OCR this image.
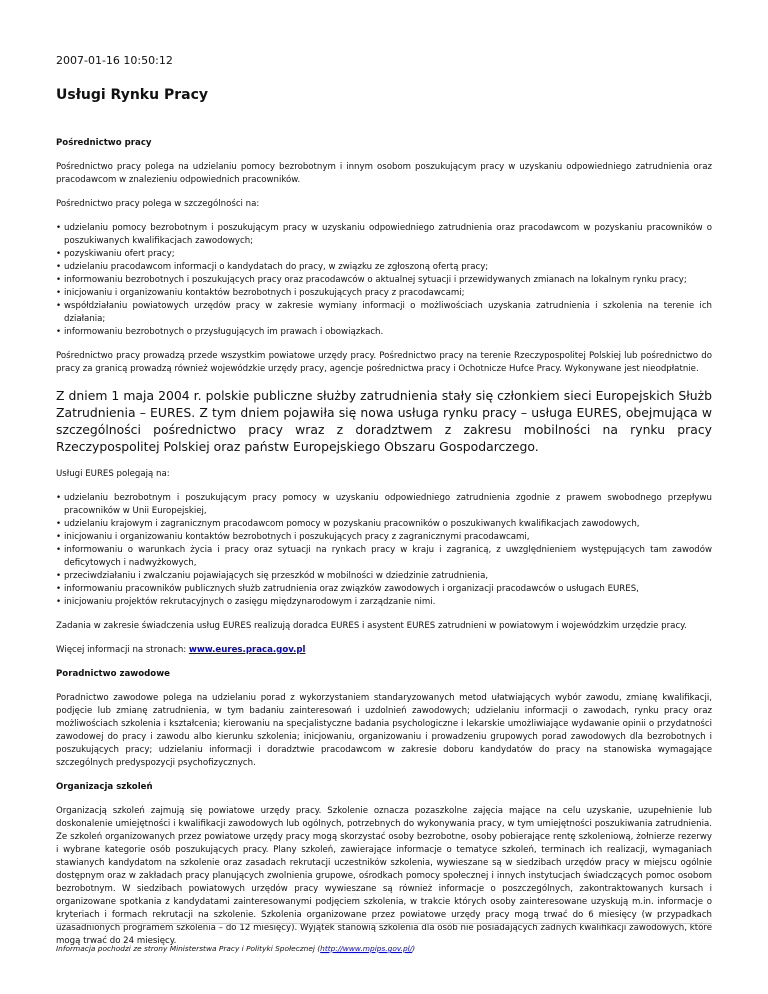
2007-01-16 10:50:12
Usługi Rynku Pracy
Pośrednictwo pracy

Pośrednictwo pracy polega na udzielaniu pomocy bezrobotnym i innym osobom poszukującym pracy w uzyskaniu odpowiedniego zatrudnienia oraz pracodawcom w znalezieniu odpowiednich pracowników.

Pośrednictwo pracy polega w szczególności na:

• udzielaniu pomocy bezrobotnym i poszukującym pracy w uzyskaniu odpowiedniego zatrudnienia oraz pracodawcom w pozyskaniu pracowników o poszukiwanych kwalifikacjach zawodowych;
• pozyskiwaniu ofert pracy;
• udzielaniu pracodawcom informacji o kandydatach do pracy, w związku ze zgłoszoną ofertą pracy;
• informowaniu bezrobotnych i poszukujących pracy oraz pracodawców o aktualnej sytuacji i przewidywanych zmianach na lokalnym rynku pracy;
• inicjowaniu i organizowaniu kontaktów bezrobotnych i poszukujących pracy z pracodawcami;
• współdziałaniu powiatowych urzędów pracy w zakresie wymiany informacji o możliwościach uzyskania zatrudnienia i szkolenia na terenie ich działania;
• informowaniu bezrobotnych o przysługujących im prawach i obowiązkach.

Pośrednictwo pracy prowadzą przede wszystkim powiatowe urzędy pracy. Pośrednictwo pracy na terenie Rzeczypospolitej Polskiej lub pośrednictwo do pracy za granicą prowadzą również wojewódzkie urzędy pracy, agencje pośrednictwa pracy i Ochotnicze Hufce Pracy. Wykonywane jest nieodpłatnie.

Z dniem 1 maja 2004 r. polskie publiczne służby zatrudnienia stały się członkiem sieci Europejskich Służb Zatrudnienia – EURES. Z tym dniem pojawiła się nowa usługa rynku pracy – usługa EURES, obejmująca w szczególności pośrednictwo pracy wraz z doradztwem z zakresu mobilności na rynku pracy Rzeczypospolitej Polskiej oraz państw Europejskiego Obszaru Gospodarczego.

Usługi EURES polegają na:

• udzielaniu bezrobotnym i poszukującym pracy pomocy w uzyskaniu odpowiedniego zatrudnienia zgodnie z prawem swobodnego przepływu pracowników w Unii Europejskiej,
• udzielaniu krajowym i zagranicznym pracodawcom pomocy w pozyskaniu pracowników o poszukiwanych kwalifikacjach zawodowych,
• inicjowaniu i organizowaniu kontaktów bezrobotnych i poszukujących pracy z zagranicznymi pracodawcami,
• informowaniu o warunkach życia i pracy oraz sytuacji na rynkach pracy w kraju i zagranicą, z uwzględnieniem występujących tam zawodów deficytowych i nadwyżkowych,
• przeciwdziałaniu i zwalczaniu pojawiających się przeszkód w mobilności w dziedzinie zatrudnienia,
• informowaniu pracowników publicznych służb zatrudnienia oraz związków zawodowych i organizacji pracodawców o usługach EURES,
• inicjowaniu projektów rekrutacyjnych o zasięgu międzynarodowym i zarządzanie nimi.

Zadania w zakresie świadczenia usług EURES realizują doradca EURES i asystent EURES zatrudnieni w powiatowym i wojewódzkim urzędzie pracy.

Więcej informacji na stronach: www.eures.praca.gov.pl

Poradnictwo zawodowe

Poradnictwo zawodowe polega na udzielaniu porad z wykorzystaniem standaryzowanych metod ułatwiających wybór zawodu, zmianę kwalifikacji, podjęcie lub zmianę zatrudnienia, w tym badaniu zainteresowań i uzdolnień zawodowych; udzielaniu informacji o zawodach, rynku pracy oraz możliwościach szkolenia i kształcenia; kierowaniu na specjalistyczne badania psychologiczne i lekarskie umożliwiające wydawanie opinii o przydatności zawodowej do pracy i zawodu albo kierunku szkolenia; inicjowaniu, organizowaniu i prowadzeniu grupowych porad zawodowych dla bezrobotnych i poszukujących pracy; udzielaniu informacji i doradztwie pracodawcom w zakresie doboru kandydatów do pracy na stanowiska wymagające szczególnych predyspozycji psychofizycznych.

Organizacja szkoleń

Organizacją szkoleń zajmują się powiatowe urzędy pracy. Szkolenie oznacza pozaszkolne zajęcia mające na celu uzyskanie, uzupełnienie lub doskonalenie umiejętności i kwalifikacji zawodowych lub ogólnych, potrzebnych do wykonywania pracy, w tym umiejętności poszukiwania zatrudnienia. Ze szkoleń organizowanych przez powiatowe urzędy pracy mogą skorzystać osoby bezrobotne, osoby pobierające rentę szkoleniową, żołnierze rezerwy i wybrane kategorie osób poszukujących pracy. Plany szkoleń, zawierające informacje o tematyce szkoleń, terminach ich realizacji, wymaganiach stawianych kandydatom na szkolenie oraz zasadach rekrutacji uczestników szkolenia, wywieszane są w siedzibach urzędów pracy w miejscu ogólnie dostępnym oraz w zakładach pracy planujących zwolnienia grupowe, ośrodkach pomocy społecznej i innych instytucjach świadczących pomoc osobom bezrobotnym. W siedzibach powiatowych urzędów pracy wywieszane są również informacje o poszczególnych, zakontraktowanych kursach i organizowane spotkania z kandydatami zainteresowanymi podjęciem szkolenia, w trakcie których osoby zainteresowane uzyskują m.in. informacje o kryteriach i formach rekrutacji na szkolenie. Szkolenia organizowane przez powiatowe urzędy pracy mogą trwać do 6 miesięcy (w przypadkach uzasadnionych programem szkolenia – do 12 miesięcy). Wyjątek stanowią szkolenia dla osób nie posiadających żadnych kwalifikacji zawodowych, które mogą trwać do 24 miesięcy.

Informacja pochodzi ze strony Ministerstwa Pracy i Polityki Społecznej (http://www.mpips.gov.pl/)
